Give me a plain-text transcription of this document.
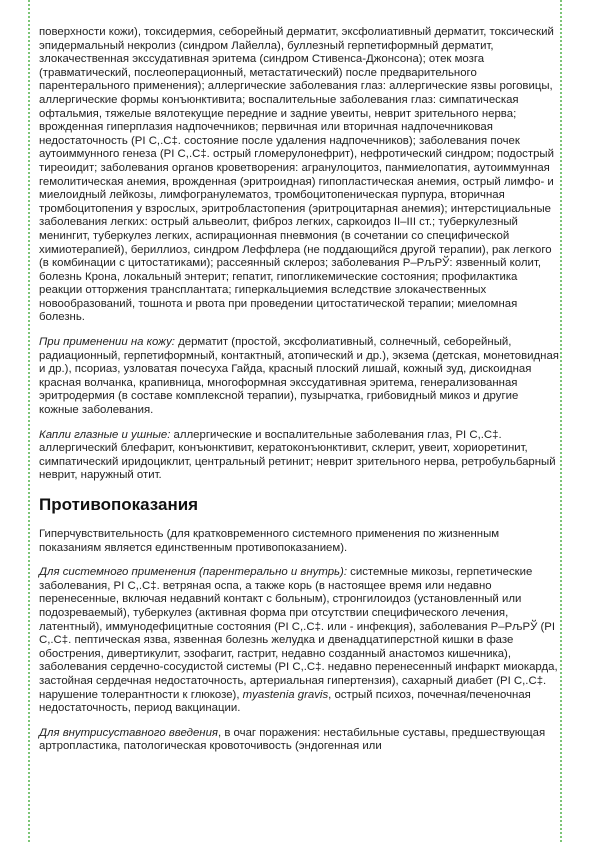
поверхности кожи), токсидермия, себорейный дерматит, эксфолиативный дерматит, токсический эпидермальный некролиз (синдром Лайелла), буллезный герпетиформный дерматит, злокачественная экссудативная эритема (синдром Стивенса-Джонсона); отек мозга (травматический, послеоперационный, метастатический) после предварительного парентерального применения); аллергические заболевания глаз: аллергические язвы роговицы, аллергические формы конъюнктивита; воспалительные заболевания глаз: симпатическая офтальмия, тяжелые вялотекущие передние и задние увеиты, неврит зрительного нерва; врожденная гиперплазия надпочечников; первичная или вторичная надпочечниковая недостаточность (РI С,.С‡. состояние после удаления надпочечников); заболевания почек аутоиммунного генеза (РI С,.С‡. острый гломерулонефрит), нефротический синдром; подострый тиреоидит; заболевания органов кроветворения: агранулоцитоз, панмиелопатия, аутоиммунная гемолитическая анемия, врожденная (эритроидная) гипопластическая анемия, острый лимфо- и миелоидный лейкозы, лимфогранулематоз, тромбоцитопеническая пурпура, вторичная тромбоцитопения у взрослых, эритробластопения (эритроцитарная анемия); интерстициальные заболевания легких: острый альвеолит, фиброз легких, саркоидоз II–III ст.; туберкулезный менингит, туберкулез легких, аспирационная пневмония (в сочетании со специфической химиотерапией), бериллиоз, синдром Леффлера (не поддающийся другой терапии), рак легкого (в комбинации с цитостатиками); рассеянный склероз; заболевания Р–РљРЎ: язвенный колит, болезнь Крона, локальный энтерит; гепатит, гипогликемические состояния; профилактика реакции отторжения трансплантата; гиперкальциемия вследствие злокачественных новообразований, тошнота и рвота при проведении цитостатической терапии; миеломная болезнь.

При применении на кожу: дерматит (простой, эксфолиативный, солнечный, себорейный, радиационный, герпетиформный, контактный, атопический и др.), экзема (детская, монетовидная и др.), псориаз, узловатая почесуха Гайда, красный плоский лишай, кожный зуд, дискоидная красная волчанка, крапивница, многоформная экссудативная эритема, генерализованная эритродермия (в составе комплексной терапии), пузырчатка, грибовидный микоз и другие кожные заболевания.

Капли глазные и ушные: аллергические и воспалительные заболевания глаз, РI С,.С‡. аллергический блефарит, конъюнктивит, кератоконъюнктивит, склерит, увеит, хориоретинит, симпатический иридоциклит, центральный ретинит; неврит зрительного нерва, ретробульбарный неврит, наружный отит.

Противопоказания

Гиперчувствительность (для кратковременного системного применения по жизненным показаниям является единственным противопоказанием).

Для системного применения (парентерально и внутрь): системные микозы, герпетические заболевания, РI С,.С‡. ветряная оспа, а также корь (в настоящее время или недавно перенесенные, включая недавний контакт с больным), стронгилоидоз (установленный или подозреваемый), туберкулез (активная форма при отсутствии специфического лечения, латентный), иммунодефицитные состояния (РI С,.С‡. или - инфекция), заболевания Р–РљРЎ (РI С,.С‡. пептическая язва, язвенная болезнь желудка и двенадцатиперстной кишки в фазе обострения, дивертикулит, эзофагит, гастрит, недавно созданный анастомоз кишечника), заболевания сердечно-сосудистой системы (РI С,.С‡. недавно перенесенный инфаркт миокарда, застойная сердечная недостаточность, артериальная гипертензия), сахарный диабет (РI С,.С‡. нарушение толерантности к глюкозе), myastenia gravis, острый психоз, почечная/печеночная недостаточность, период вакцинации.

Для внутрисуставного введения, в очаг поражения: нестабильные суставы, предшествующая артропластика, патологическая кровоточивость (эндогенная или
